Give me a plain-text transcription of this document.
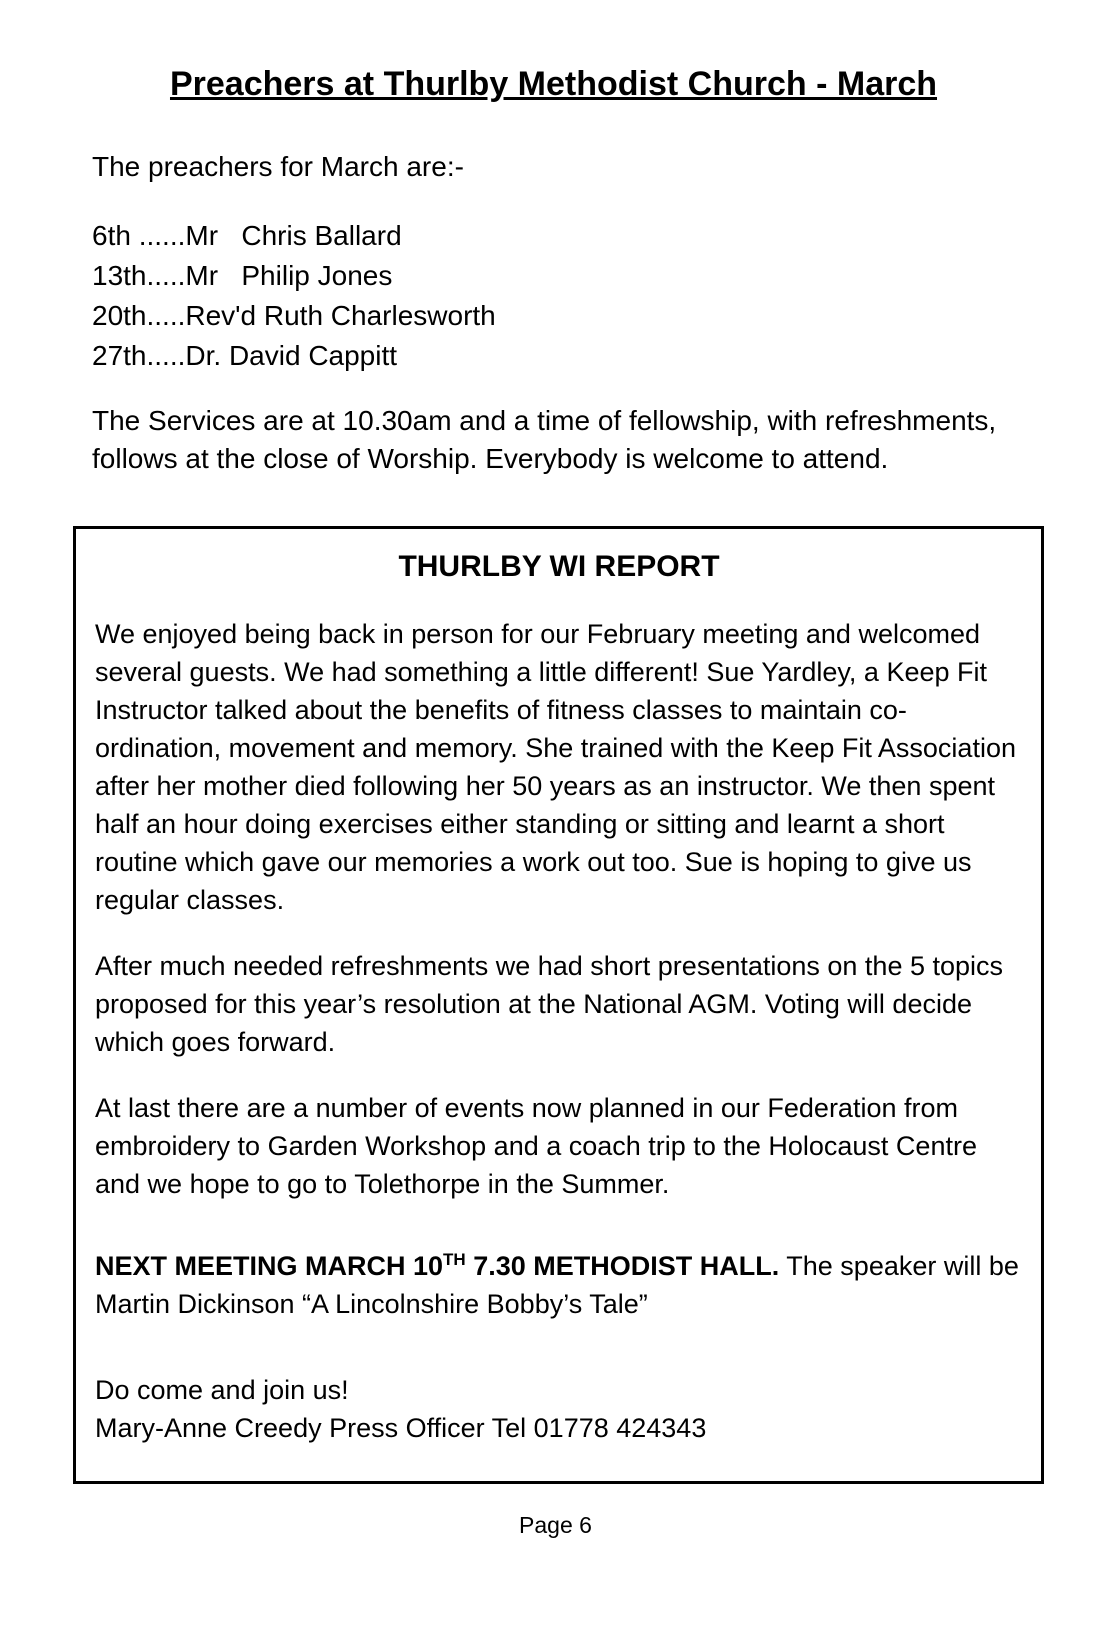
Preachers at Thurlby Methodist Church - March

The preachers for March are:-

6th ......Mr   Chris Ballard
13th.....Mr   Philip Jones
20th.....Rev'd Ruth Charlesworth
27th.....Dr. David Cappitt

The Services are at 10.30am and a time of fellowship, with refreshments, follows at the close of Worship. Everybody is welcome to attend.

THURLBY WI REPORT

We enjoyed being back in person for our February meeting and welcomed several guests. We had something a little different! Sue Yardley, a Keep Fit Instructor talked about the benefits of fitness classes to maintain co-ordination, movement and memory. She trained with the Keep Fit Association after her mother died following her 50 years as an instructor. We then spent half an hour doing exercises either standing or sitting and learnt a short routine which gave our memories a work out too. Sue is hoping to give us regular classes.

After much needed refreshments we had short presentations on the 5 topics proposed for this year’s resolution at the National AGM. Voting will decide which goes forward.

At last there are a number of events now planned in our Federation from embroidery to Garden Workshop and a coach trip to the Holocaust Centre and we hope to go to Tolethorpe in the Summer.

NEXT MEETING MARCH 10TH 7.30 METHODIST HALL. The speaker will be Martin Dickinson “A Lincolnshire Bobby’s Tale”

Do come and join us!
Mary-Anne Creedy Press Officer Tel 01778 424343

Page 6
